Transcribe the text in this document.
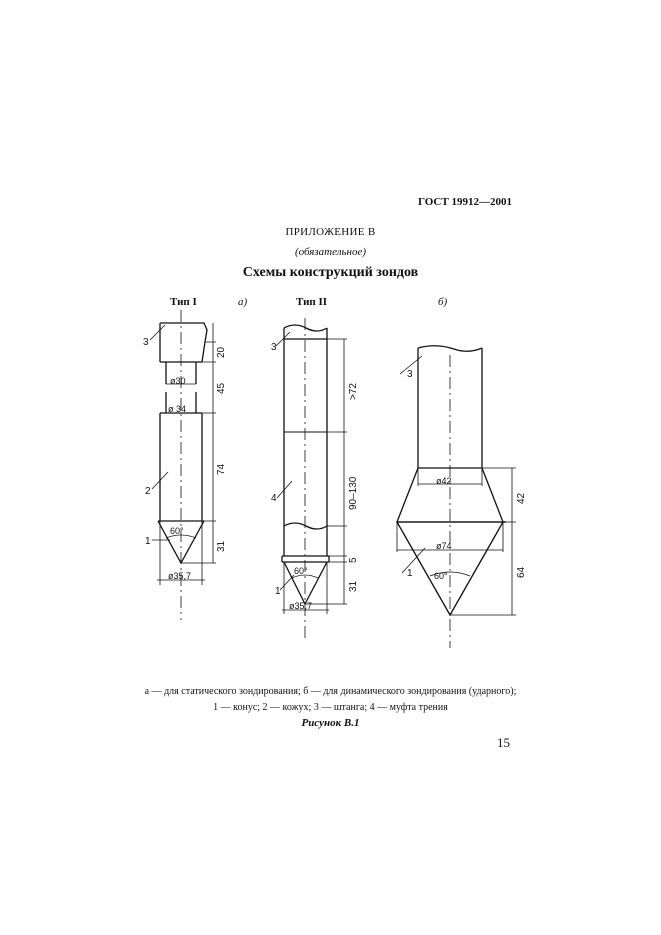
ГОСТ 19912—2001
ПРИЛОЖЕНИЕ В
(обязательное)
Схемы конструкций зондов
Тип I	а)	Тип II	б)
20
45
74
31
ø30
ø 34
ø35,7
60°
3
2
1
>72
90–130
5
31
ø35,7
60°
3
4
1
42
64
ø42
ø74
60°
3
1
а — для статического зондирования; б — для динамического зондирования (ударного);
1 — конус; 2 — кожух; 3 — штанга; 4 — муфта трения
Рисунок В.1
15
